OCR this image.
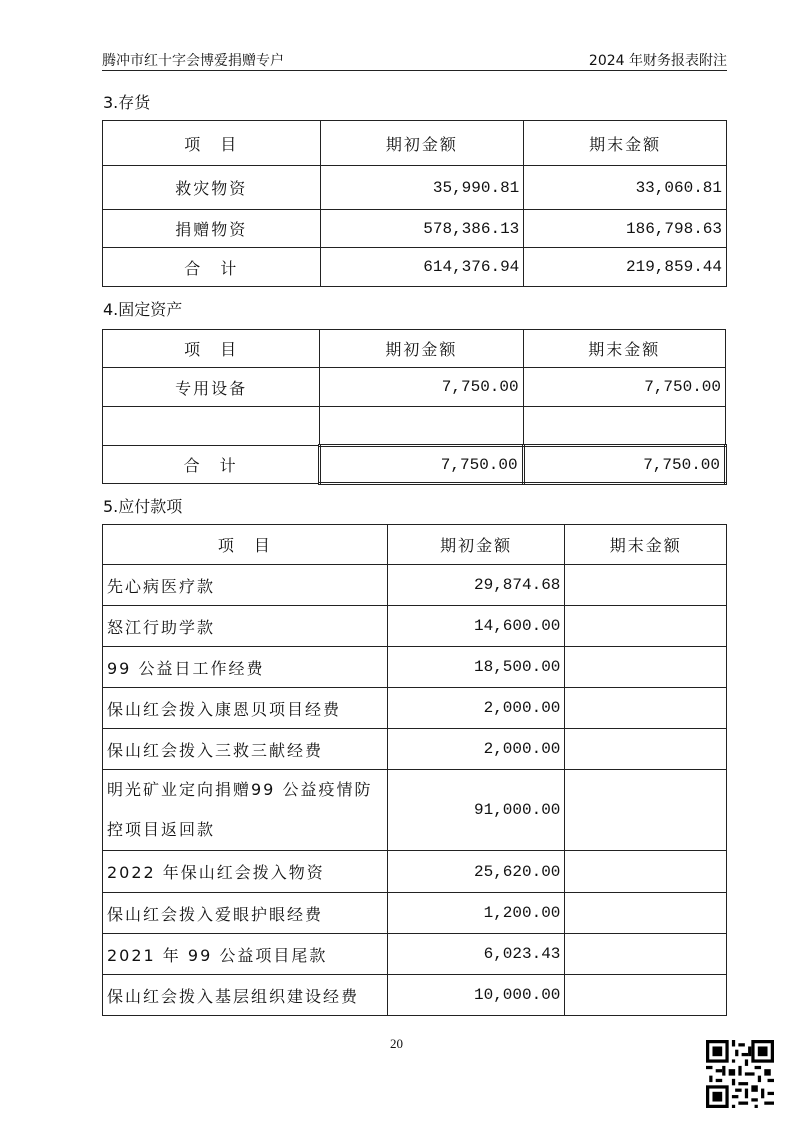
腾冲市红十字会博爱捐赠专户	2024 年财务报表附注
3.存货
项　目	期初金额	期末金额
救灾物资	35,990.81	33,060.81
捐赠物资	578,386.13	186,798.63
合　计	614,376.94	219,859.44
4.固定资产
项　目	期初金额	期末金额
专用设备	7,750.00	7,750.00

合　计	7,750.00	7,750.00
5.应付款项
项　目	期初金额	期末金额
先心病医疗款	29,874.68	
怒江行助学款	14,600.00	
99 公益日工作经费	18,500.00	
保山红会拨入康恩贝项目经费	2,000.00	
保山红会拨入三救三献经费	2,000.00	
明光矿业定向捐赠99 公益疫情防控项目返回款	91,000.00	
2022 年保山红会拨入物资	25,620.00	
保山红会拨入爱眼护眼经费	1,200.00	
2021 年 99 公益项目尾款	6,023.43	
保山红会拨入基层组织建设经费	10,000.00	
20
